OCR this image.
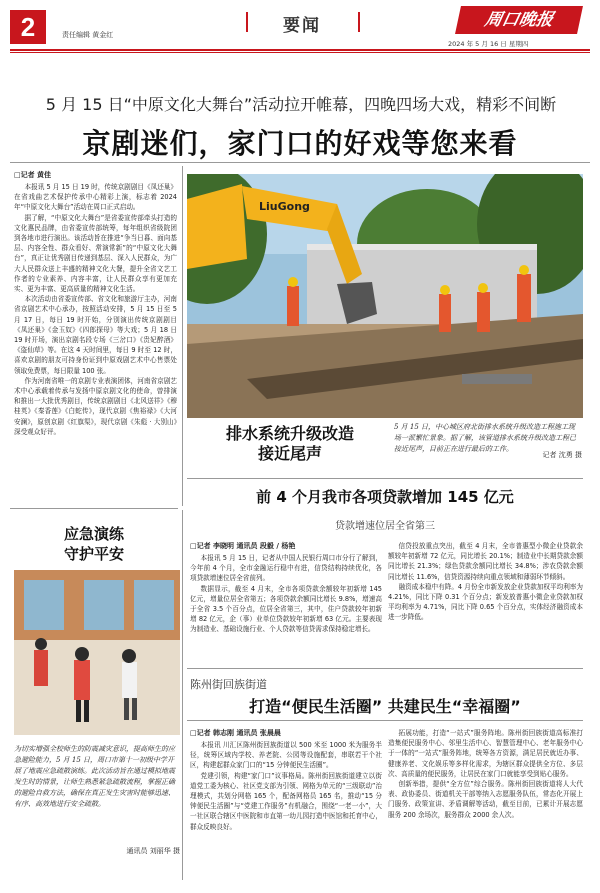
2	责任编辑 黄金红	要闻	周口晚报
2024 年 5 月 16 日 星期四
5 月 15 日“中原文化大舞台”活动拉开帷幕，四晚四场大戏，精彩不间断
京剧迷们，家门口的好戏等您来看
□记者 黄佳

本报讯 5 月 15 日 19 时，传统京剧剧目《凤还巢》在省戏曲艺术保护传承中心精彩上演，标志着 2024 年“中原文化大舞台”活动在周口正式启动。

据了解，“中原文化大舞台”是省委宣传部牵头打造的文化惠民品牌，由省委宣传部统筹，每年组织省级院团到各地市进行演出。该活动旨在推进“争当日暮、面向基层、内容全性、群众看好、常演常新”的“中原文化大舞台”，真正让优秀剧目传递到基层、深入人民群众，为广大人民群众送上丰盛的精神文化大餐，提升全省文艺工作者的专业素养、内容丰富，让人民群众享有更加充实、更为丰富、更高质量的精神文化生活。

本次活动由省委宣传部、省文化和旅游厅主办，河南省京剧艺术中心承办，按照活动安排，5 月 15 日至 5 月 17 日，每日 19 时开始，分别演出传统京剧剧目《凤还巢》《金玉奴》《四郎探母》等大戏；5 月 18 日 19 时开场，演出京剧名段专场《三岔口》《贵妃醉酒》《盗仙草》等。在这 4 天时间里，每日 9 时至 12 时，喜欢京剧的朋友可持身份证到中原戏剧艺术中心售票处领取免费票，每日限量 100 张。

作为河南省唯一的京剧专业表演团体，河南省京剧艺术中心承载着传承与发扬中原京剧文化的使命，曾排演和推出一大批优秀剧目，传统京剧剧目《北风送祥》《穆桂英》《秦香莲》《白蛇传》，现代京剧《焦裕禄》《大河安澜》，原创京剧《红旗渠》，现代京剧《朱彪 · 大别山》深受观众好评。

LiuGong
排水系统升级改造
接近尾声
5 月 15 日，中心城区府北街排水系统升级改造工程施工现场一派繁忙景象。据了解，该管道排水系统升级改造工程已接近尾声，目前正在进行最后的工作。
记者 沈勇 摄
前 4 个月我市各项贷款增加 145 亿元
贷款增速位居全省第三
□记者 李晓明 通讯员 段毅 / 杨艳

本报讯 5 月 15 日，记者从中国人民银行周口市分行了解到，今年前 4 个月，全市金融运行稳中有进，信贷结构持续优化，各项贷款增速位居全省前列。

数据显示，截至 4 月末，全市各项贷款余额较年初新增 145 亿元，增量位居全省第五；各项贷款余额同比增长 9.8%，增速高于全省 3.5 个百分点，位居全省第三，其中，住户贷款较年初新增 82 亿元，企（事）业单位贷款较年初新增 63 亿元。主要表现为制造业、基础设施行业、个人贷款等信贷需求保持稳定增长。

信贷投放重点突出，截至 4 月末，全市普惠型小微企业贷款余额较年初新增 72 亿元，同比增长 20.1%；制造业中长期贷款余额同比增长 21.3%；绿色贷款余额同比增长 34.8%；涉农贷款余额同比增长 11.6%，信贷资源持续向重点领域和薄弱环节倾斜。

融资成本稳中有降。4 月份全市新发放企业贷款加权平均利率为 4.21%，同比下降 0.31 个百分点；新发放普惠小微企业贷款加权平均利率为 4.71%，同比下降 0.65 个百分点，实体经济融资成本进一步降低。

应急演练
守护平安
为切实增强全校师生的防震减灾意识，提高师生的应急避险能力，5 月 15 日，周口市第十一初级中学开展了地震应急疏散演练。此次活动旨在通过模拟地震发生时的情景，让师生熟悉紧急疏散流程，掌握正确的避险自救方法，确保在真正发生灾害时能够迅速、有序、高效地进行安全疏散。
通讯员 刘丽华 摄
陈州街回族街道
打造“便民生活圈” 共建民生“幸福圈”
□记者 韩志刚 通讯员 张晨晨

本报讯 川汇区陈州街回族街道以 500 米至 1000 米为服务半径，统筹区域内学校、养老院、公园等设施配套，串联若干个社区，构建起群众家门口的“15 分钟便民生活圈”。

党建引领，构建“家门口”议事格局。陈州街回族街道建立以街道党工委为核心、社区党支部为引领、网格为单元的“三级联动”治理模式，共划分网格 165 个，配备网格员 165 名，推动“15 分钟便民生活圈”与“党建工作服务”有机融合，围绕“一老一小”，大一社区联合辖区中医院和市直第一幼儿园打造中医馆和托育中心，群众反映良好。

拓展功能，打造“一站式”服务阵地。陈州街回族街道高标准打造集便民服务中心、邻里生活中心、智慧管理中心、老年服务中心于一体的“一站式”服务阵地，统筹各方资源，满足居民就近办事、健康养老、文化娱乐等多样化需求，为辖区群众提供全方位、多层次、高质量的便民服务，让居民在家门口就能享受到贴心服务。

创新举措，提供“全方位”综合服务。陈州街回族街道将人大代表、政协委员、街道机关干部等纳入志愿服务队伍，常态化开展上门服务、政策宣讲、矛盾调解等活动，截至目前，已累计开展志愿服务 200 余场次，服务群众 2000 余人次。
